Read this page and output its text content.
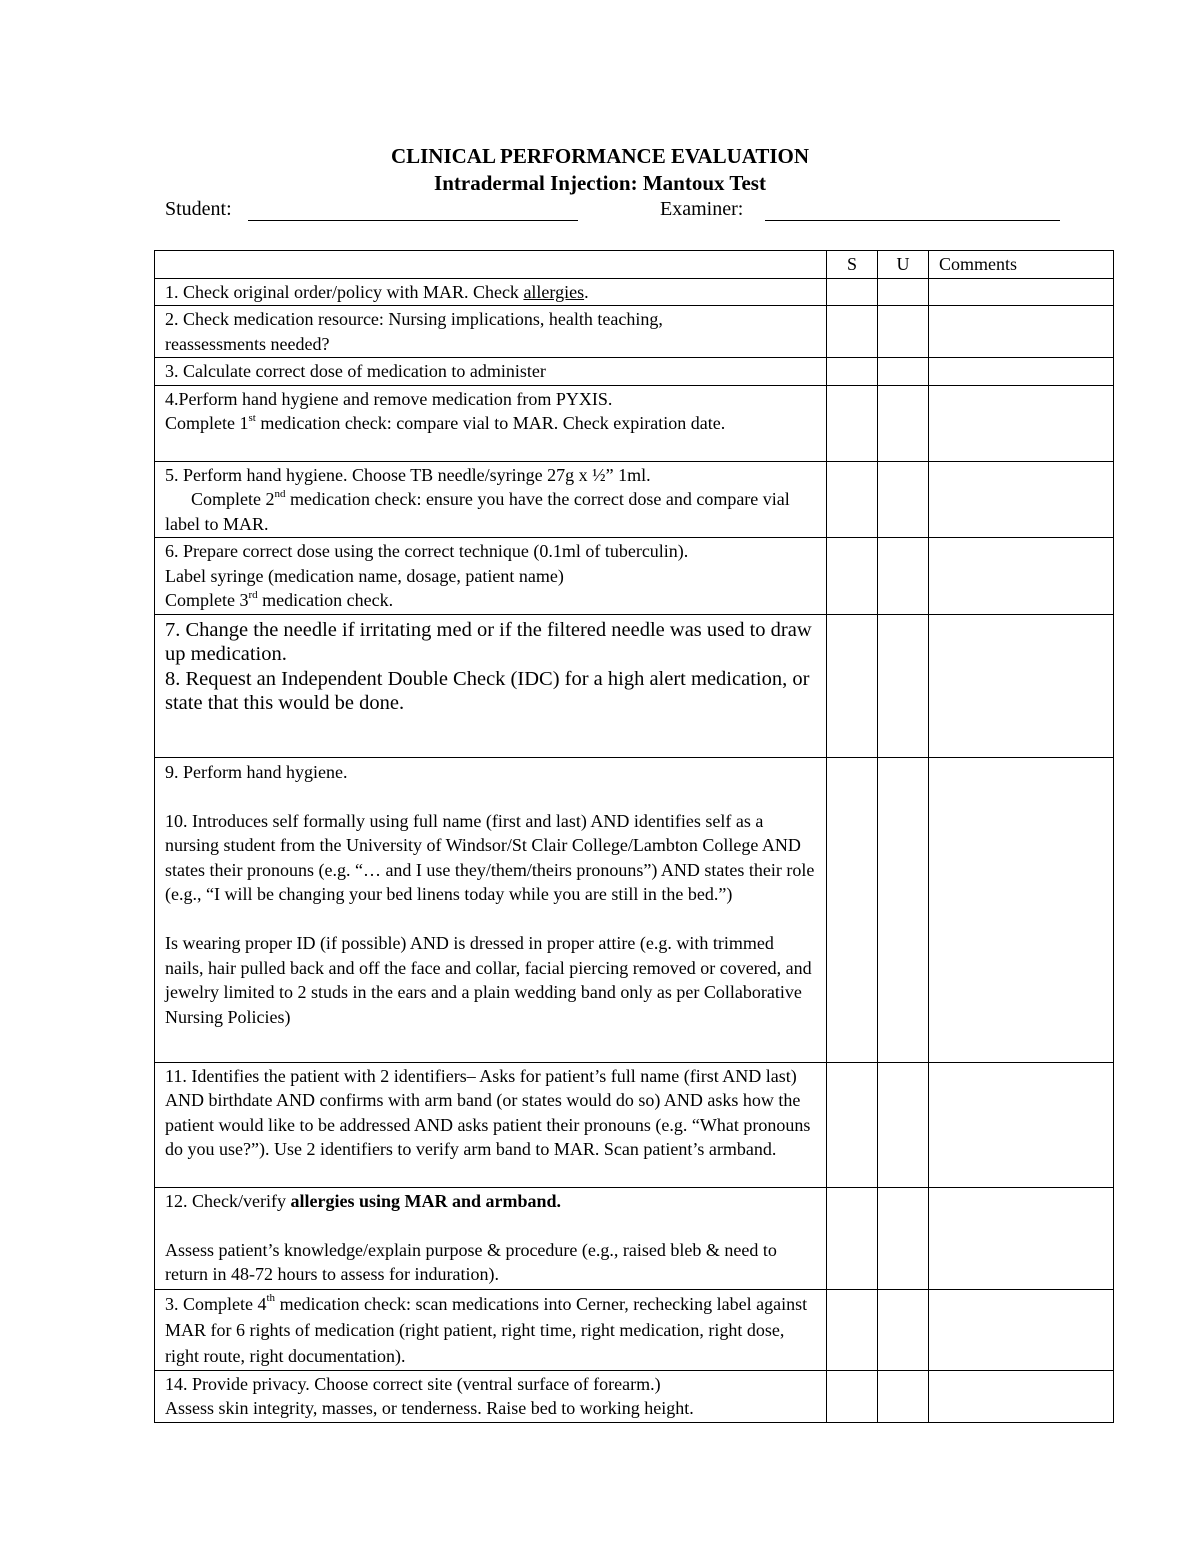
CLINICAL PERFORMANCE EVALUATION
Intradermal Injection: Mantoux Test
Student:	Examiner:
	S	U	Comments
1. Check original order/policy with MAR. Check allergies.			

2. Check medication resource: Nursing implications, health teaching,
reassessments needed?			

3. Calculate correct dose of medication to administer			

4.Perform hand hygiene and remove medication from PYXIS.
Complete 1st medication check: compare vial to MAR. Check expiration date.			

5. Perform hand hygiene. Choose TB needle/syringe 27g x ½” 1ml.
Complete 2nd medication check: ensure you have the correct dose and compare vial label to MAR.			

6. Prepare correct dose using the correct technique (0.1ml of tuberculin).
Label syringe (medication name, dosage, patient name)
Complete 3rd medication check.			

7. Change the needle if irritating med or if the filtered needle was used to draw up medication.
8. Request an Independent Double Check (IDC) for a high alert medication, or state that this would be done.			

9. Perform hand hygiene.
10. Introduces self formally using full name (first and last) AND identifies self as a nursing student from the University of Windsor/St Clair College/Lambton College AND states their pronouns (e.g. “… and I use they/them/theirs pronouns”) AND states their role (e.g., “I will be changing your bed linens today while you are still in the bed.”)
Is wearing proper ID (if possible) AND is dressed in proper attire (e.g. with trimmed nails, hair pulled back and off the face and collar, facial piercing removed or covered, and jewelry limited to 2 studs in the ears and a plain wedding band only as per Collaborative Nursing Policies)			

11. Identifies the patient with 2 identifiers– Asks for patient’s full name (first AND last) AND birthdate AND confirms with arm band (or states would do so) AND asks how the patient would like to be addressed AND asks patient their pronouns (e.g. “What pronouns do you use?”). Use 2 identifiers to verify arm band to MAR. Scan patient’s armband.			
12. Check/verify allergies using MAR and armband.
Assess patient’s knowledge/explain purpose & procedure (e.g., raised bleb & need to return in 48-72 hours to assess for induration).			

3. Complete 4th medication check: scan medications into Cerner, rechecking label against MAR for 6 rights of medication (right patient, right time, right medication, right dose, right route, right documentation).			

14. Provide privacy. Choose correct site (ventral surface of forearm.)
Assess skin integrity, masses, or tenderness. Raise bed to working height.			
